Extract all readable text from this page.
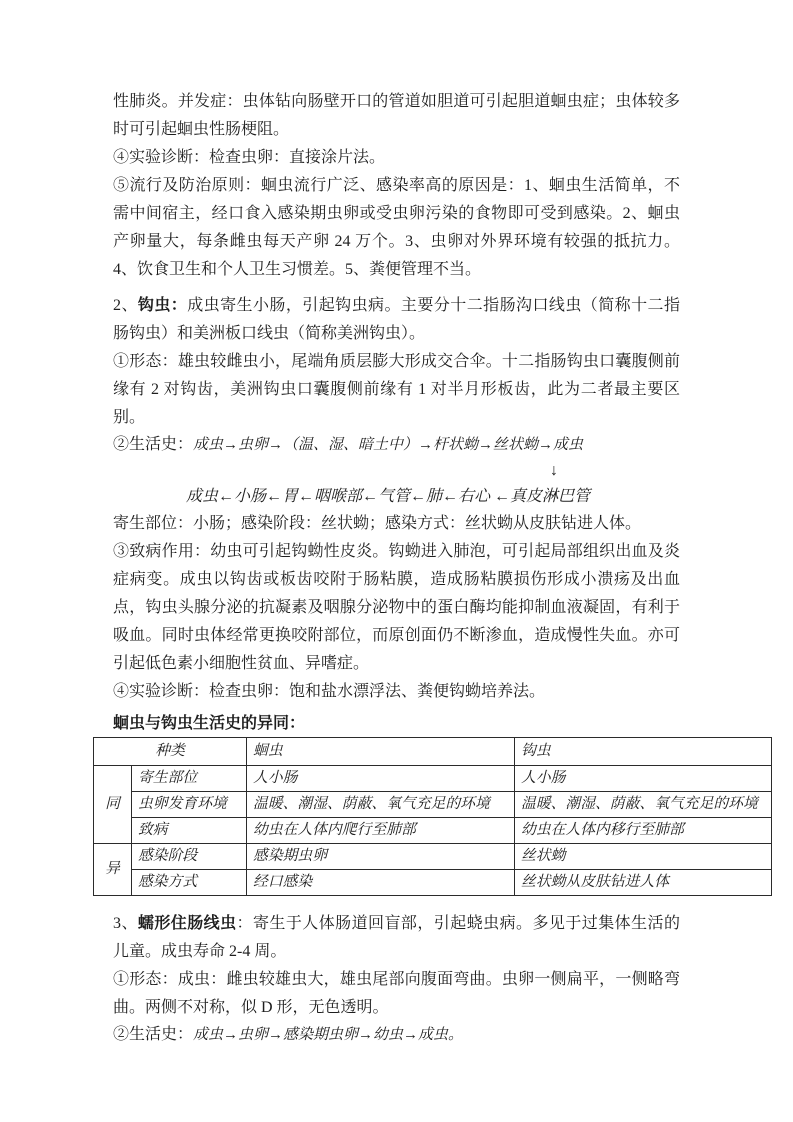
性肺炎。并发症：虫体钻向肠壁开口的管道如胆道可引起胆道蛔虫症；虫体较多时可引起蛔虫性肠梗阻。

④实验诊断：检查虫卵：直接涂片法。

⑤流行及防治原则：蛔虫流行广泛、感染率高的原因是：1、蛔虫生活简单，不需中间宿主，经口食入感染期虫卵或受虫卵污染的食物即可受到感染。2、蛔虫产卵量大，每条雌虫每天产卵 24 万个。3、虫卵对外界环境有较强的抵抗力。4、饮食卫生和个人卫生习惯差。5、粪便管理不当。

2、钩虫：成虫寄生小肠，引起钩虫病。主要分十二指肠沟口线虫（简称十二指肠钩虫）和美洲板口线虫（简称美洲钩虫）。

①形态：雄虫较雌虫小，尾端角质层膨大形成交合伞。十二指肠钩虫口囊腹侧前缘有 2 对钩齿，美洲钩虫口囊腹侧前缘有 1 对半月形板齿，此为二者最主要区别。

②生活史：成虫→虫卵→（温、湿、暗土中）→杆状蚴→丝状蚴→成虫

↓

成虫←小肠←胃←咽喉部←气管←肺←右心 ←真皮淋巴管

寄生部位：小肠；感染阶段：丝状蚴；感染方式：丝状蚴从皮肤钻进人体。

③致病作用：幼虫可引起钩蚴性皮炎。钩蚴进入肺泡，可引起局部组织出血及炎症病变。成虫以钩齿或板齿咬附于肠粘膜，造成肠粘膜损伤形成小溃疡及出血点，钩虫头腺分泌的抗凝素及咽腺分泌物中的蛋白酶均能抑制血液凝固，有利于吸血。同时虫体经常更换咬附部位，而原创面仍不断渗血，造成慢性失血。亦可引起低色素小细胞性贫血、异嗜症。

④实验诊断：检查虫卵：饱和盐水漂浮法、粪便钩蚴培养法。

蛔虫与钩虫生活史的异同：

种类		蛔虫	钩虫
同	寄生部位	人小肠	人小肠
	虫卵发育环境	温暖、潮湿、荫蔽、氧气充足的环境	温暖、潮湿、荫蔽、氧气充足的环境
	致病	幼虫在人体内爬行至肺部	幼虫在人体内移行至肺部
异	感染阶段	感染期虫卵	丝状蚴
	感染方式	经口感染	丝状蚴从皮肤钻进人体

3、蠕形住肠线虫：寄生于人体肠道回盲部，引起蛲虫病。多见于过集体生活的儿童。成虫寿命 2-4 周。

①形态：成虫：雌虫较雄虫大，雄虫尾部向腹面弯曲。虫卵一侧扁平，一侧略弯曲。两侧不对称，似 D 形，无色透明。

②生活史：成虫→虫卵→感染期虫卵→幼虫→成虫。
